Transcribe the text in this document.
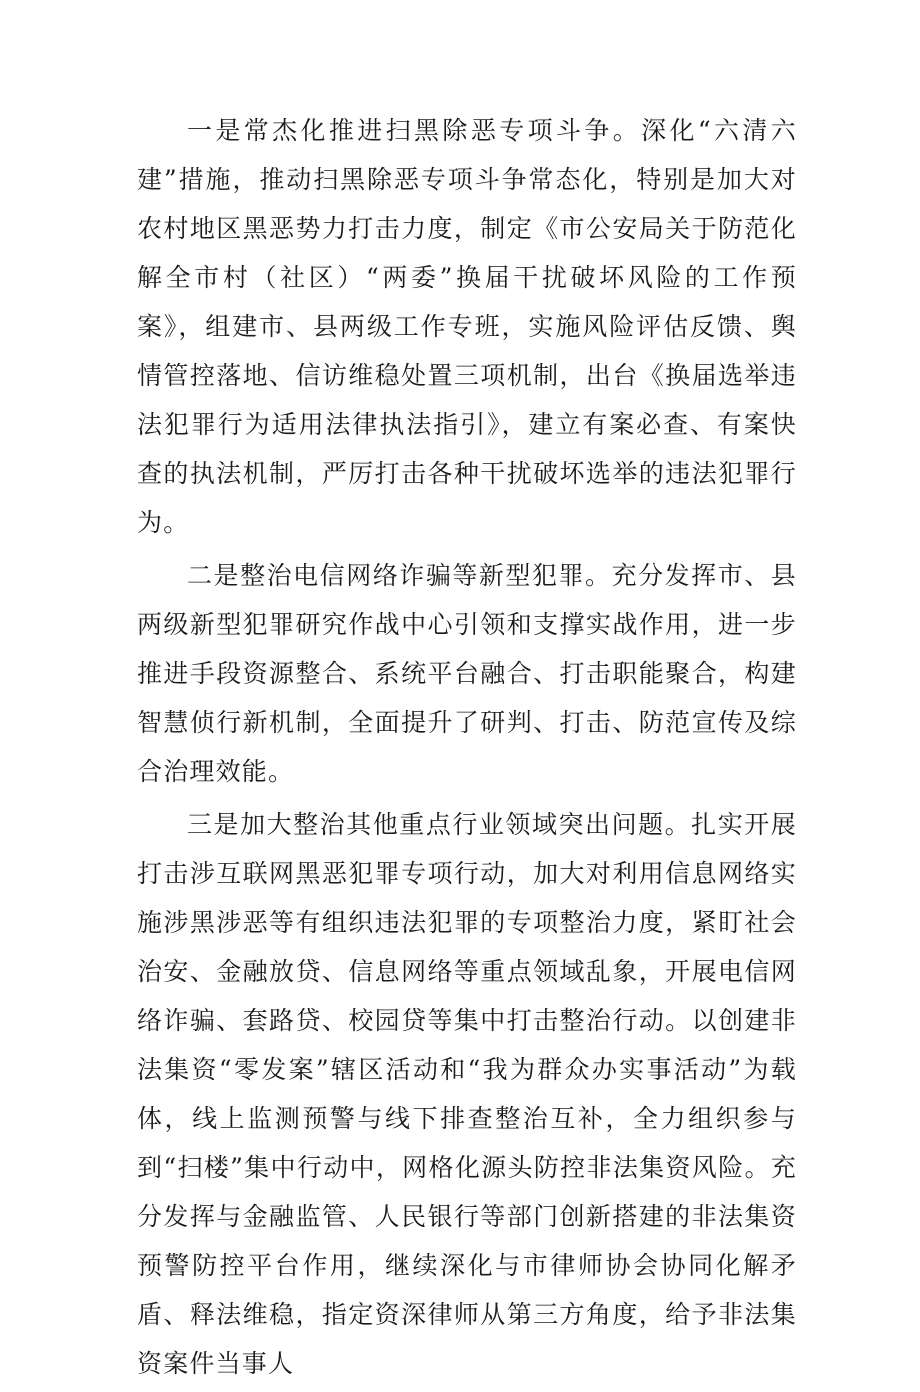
一是常杰化推进扫黑除恶专项斗争。深化“六清六建”措施，推动扫黑除恶专项斗争常态化，特别是加大对农村地区黑恶势力打击力度，制定《市公安局关于防范化解全市村（社区）“两委”换届干扰破坏风险的工作预案》，组建市、县两级工作专班，实施风险评估反馈、舆情管控落地、信访维稳处置三项机制，出台《换届选举违法犯罪行为适用法律执法指引》，建立有案必查、有案快查的执法机制，严厉打击各种干扰破坏选举的违法犯罪行为。

二是整治电信网络诈骗等新型犯罪。充分发挥市、县两级新型犯罪研究作战中心引领和支撑实战作用，进一步推进手段资源整合、系统平台融合、打击职能聚合，构建智慧侦行新机制，全面提升了研判、打击、防范宣传及综合治理效能。

三是加大整治其他重点行业领域突出问题。扎实开展打击涉互联网黑恶犯罪专项行动，加大对利用信息网络实施涉黑涉恶等有组织违法犯罪的专项整治力度，紧盯社会治安、金融放贷、信息网络等重点领域乱象，开展电信网络诈骗、套路贷、校园贷等集中打击整治行动。以创建非法集资“零发案”辖区活动和“我为群众办实事活动”为载体，线上监测预警与线下排查整治互补，全力组织参与到“扫楼”集中行动中，网格化源头防控非法集资风险。充分发挥与金融监管、人民银行等部门创新搭建的非法集资预警防控平台作用，继续深化与市律师协会协同化解矛盾、释法维稳，指定资深律师从第三方角度，给予非法集资案件当事人
